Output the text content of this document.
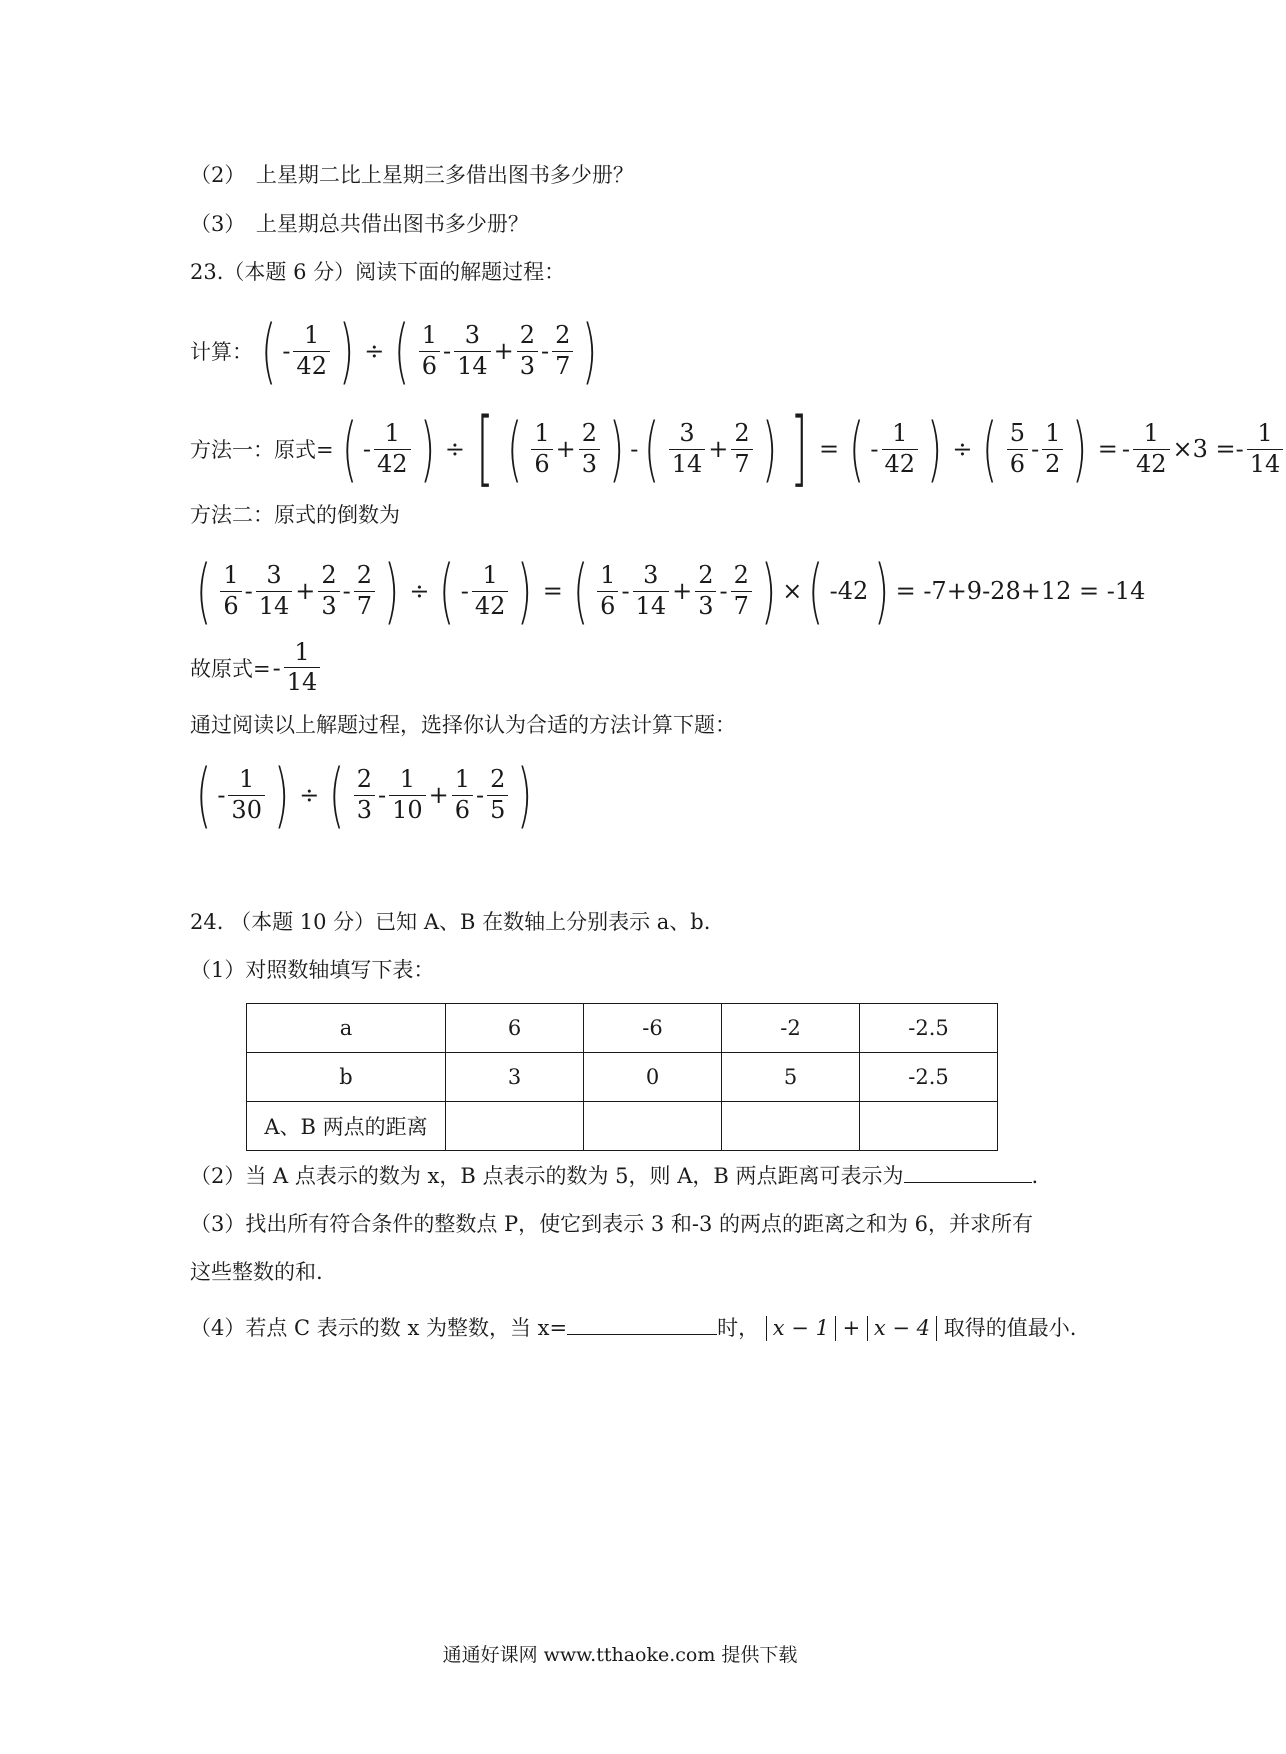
（2）　上星期二比上星期三多借出图书多少册？
（3）　上星期总共借出图书多少册？
23.（本题 6 分）阅读下面的解题过程：
计算： ( - $\frac{1}{42}$ ) ÷ ( $\frac{1}{6} - \frac{3}{14} + \frac{2}{3} - \frac{2}{7}$ )
方法一：原式= ( - $\frac{1}{42}$ ) ÷ [ ( $\frac{1}{6} + \frac{2}{3}$ ) - ( $\frac{3}{14} + \frac{2}{7}$ ) ] = ( - $\frac{1}{42}$ ) ÷ ( $\frac{5}{6} - \frac{1}{2}$ ) = - $\frac{1}{42} \times 3$ = - $\frac{1}{14}$
方法二：原式的倒数为
( $\frac{1}{6} - \frac{3}{14} + \frac{2}{3} - \frac{2}{7}$ ) ÷ ( - $\frac{1}{42}$ ) = ( $\frac{1}{6} - \frac{3}{14} + \frac{2}{3} - \frac{2}{7}$ ) × ( -42 ) = -7+9-28+12 = -14
故原式= - $\frac{1}{14}$
通过阅读以上解题过程，选择你认为合适的方法计算下题：
( - $\frac{1}{30}$ ) ÷ ( $\frac{2}{3} - \frac{1}{10} + \frac{1}{6} - \frac{2}{5}$ )
24. （本题 10 分）已知 A、B 在数轴上分别表示 a、b.
（1）对照数轴填写下表：
a	6	-6	-2	-2.5
b	3	0	5	-2.5
A、B 两点的距离				
（2）当 A 点表示的数为 x，B 点表示的数为 5，则 A，B 两点距离可表示为	.
（3）找出所有符合条件的整数点 P，使它到表示 3 和-3 的两点的距离之和为 6，并求所有
这些整数的和.
（4）若点 C 表示的数 x 为整数，当 x=	时， x − 1 + x − 4 取得的值最小.
通通好课网 www.tthaoke.com 提供下载
